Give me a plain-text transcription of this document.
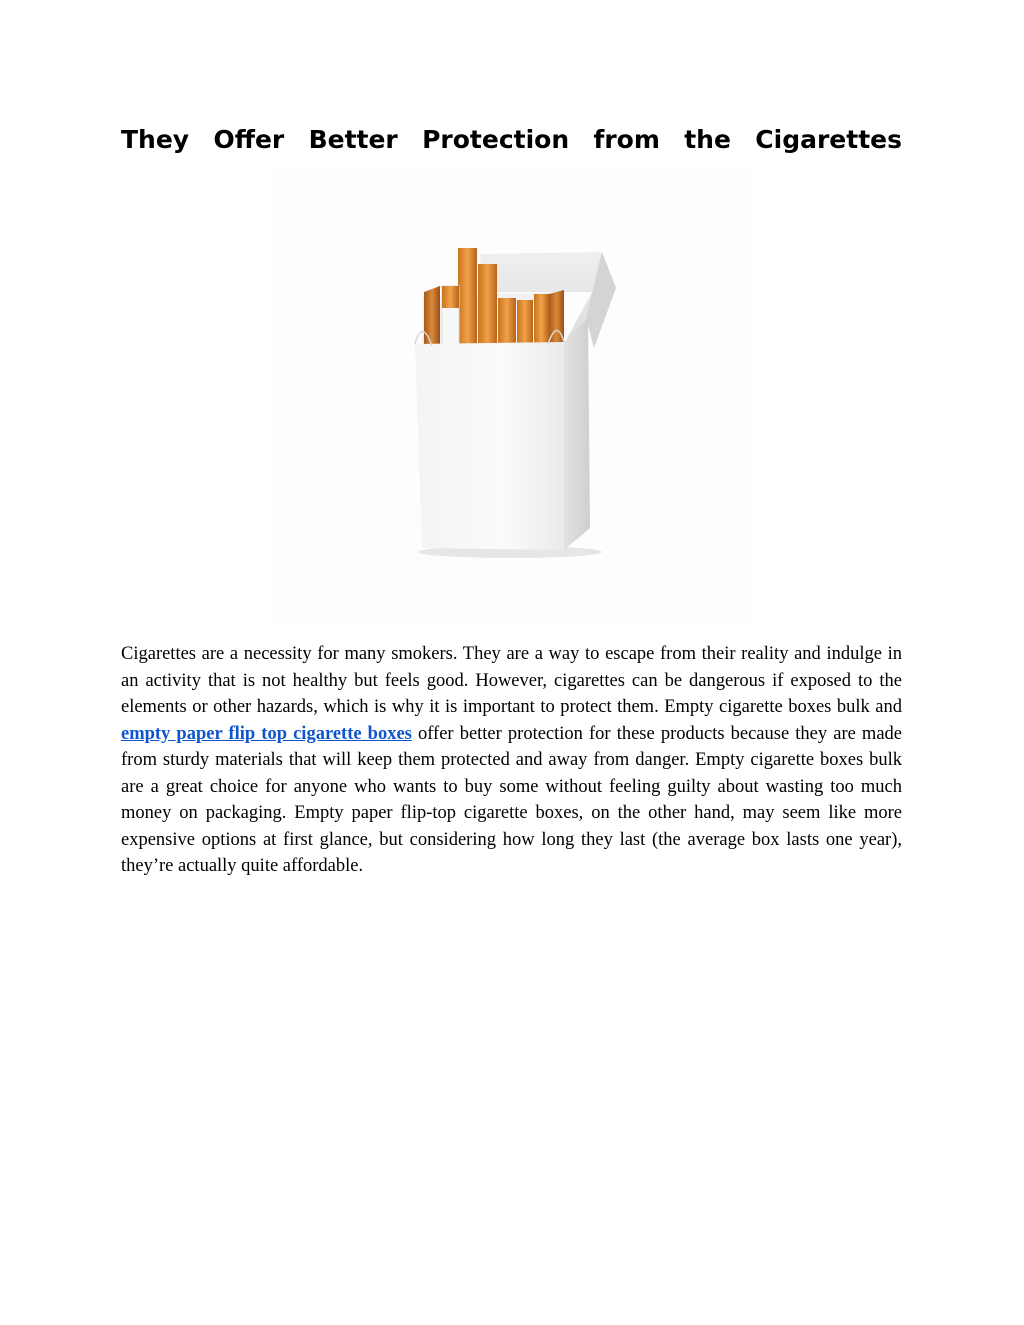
They Offer Better Protection from the Cigarettes

Cigarettes are a necessity for many smokers. They are a way to escape from their reality and indulge in an activity that is not healthy but feels good. However, cigarettes can be dangerous if exposed to the elements or other hazards, which is why it is important to protect them. Empty cigarette boxes bulk and empty paper flip top cigarette boxes offer better protection for these products because they are made from sturdy materials that will keep them protected and away from danger. Empty cigarette boxes bulk are a great choice for anyone who wants to buy some without feeling guilty about wasting too much money on packaging. Empty paper flip-top cigarette boxes, on the other hand, may seem like more expensive options at first glance, but considering how long they last (the average box lasts one year), they’re actually quite affordable.
